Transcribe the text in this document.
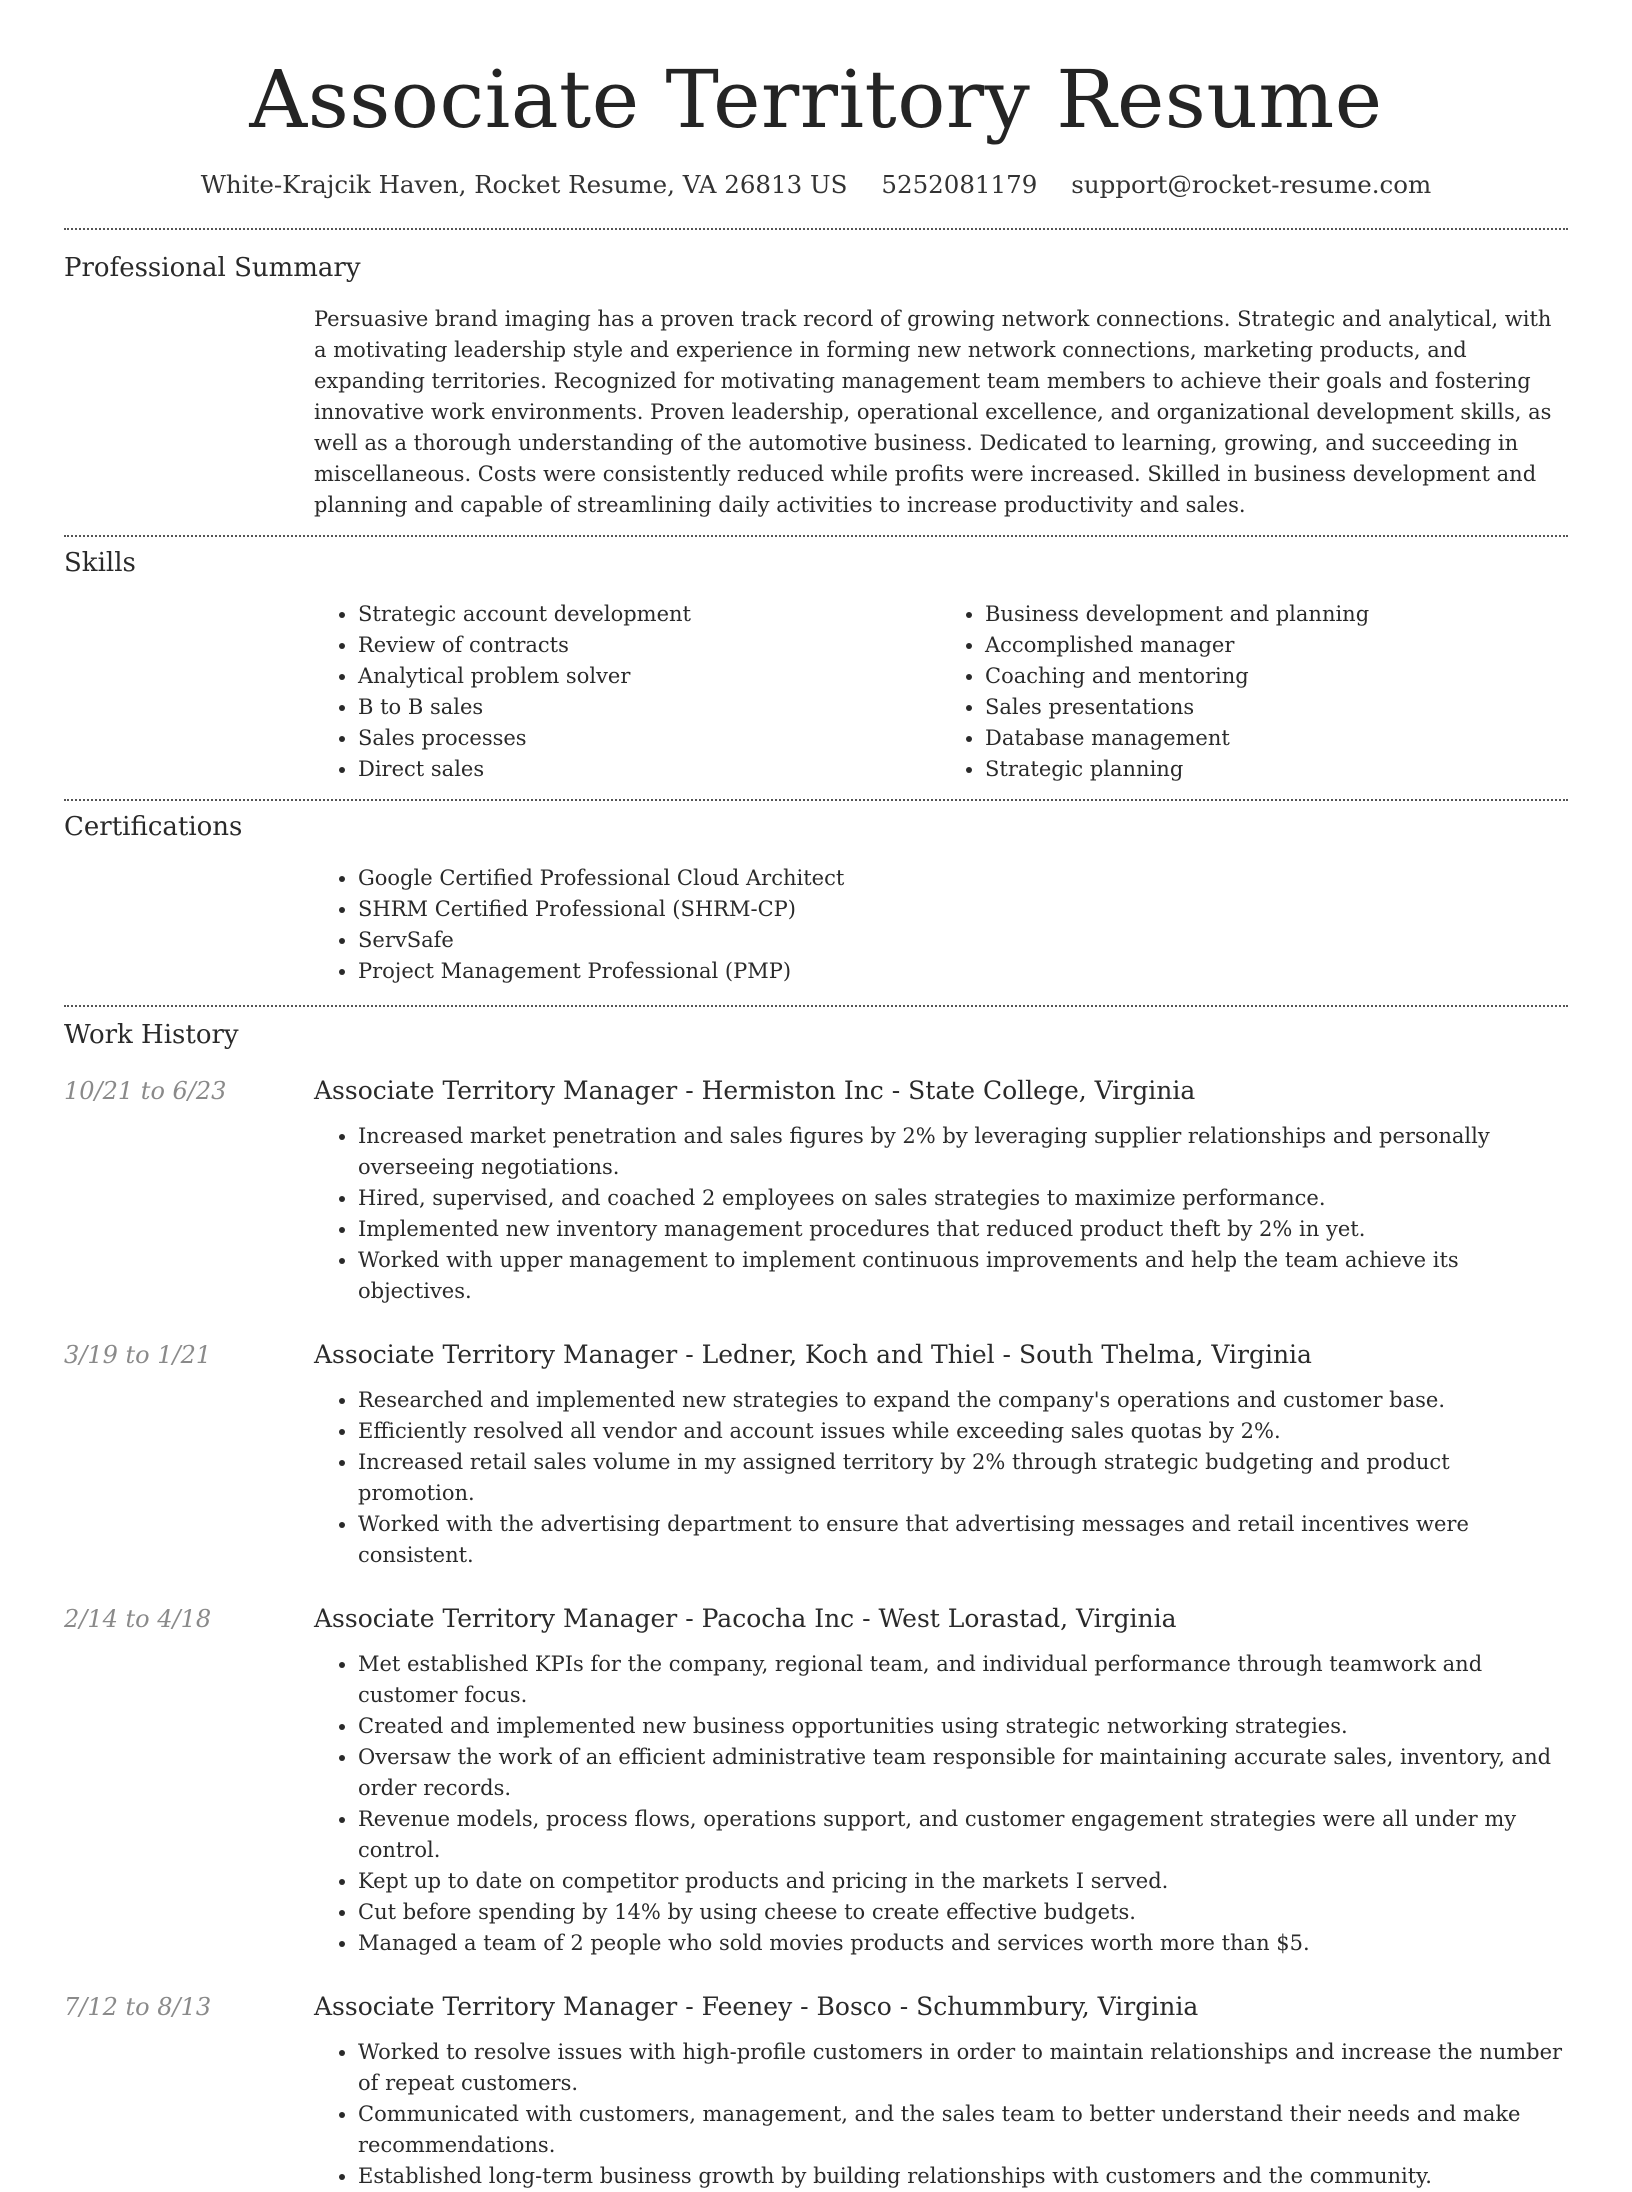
Associate Territory Resume
White-Krajcik Haven, Rocket Resume, VA 26813 US 5252081179 support@rocket-resume.com
Professional Summary

Persuasive brand imaging has a proven track record of growing network connections. Strategic and analytical, with a motivating leadership style and experience in forming new network connections, marketing products, and expanding territories. Recognized for motivating management team members to achieve their goals and fostering innovative work environments. Proven leadership, operational excellence, and organizational development skills, as well as a thorough understanding of the automotive business. Dedicated to learning, growing, and succeeding in miscellaneous. Costs were consistently reduced while profits were increased. Skilled in business development and planning and capable of streamlining daily activities to increase productivity and sales.

Skills
• Strategic account development
• Review of contracts
• Analytical problem solver
• B to B sales
• Sales processes
• Direct sales
• Business development and planning
• Accomplished manager
• Coaching and mentoring
• Sales presentations
• Database management
• Strategic planning
Certifications
• Google Certified Professional Cloud Architect
• SHRM Certified Professional (SHRM-CP)
• ServSafe
• Project Management Professional (PMP)
Work History
10/21 to 6/23	Associate Territory Manager - Hermiston Inc - State College, Virginia
• Increased market penetration and sales figures by 2% by leveraging supplier relationships and personally overseeing negotiations.
• Hired, supervised, and coached 2 employees on sales strategies to maximize performance.
• Implemented new inventory management procedures that reduced product theft by 2% in yet.
• Worked with upper management to implement continuous improvements and help the team achieve its objectives.
3/19 to 1/21	Associate Territory Manager - Ledner, Koch and Thiel - South Thelma, Virginia
• Researched and implemented new strategies to expand the company's operations and customer base.
• Efficiently resolved all vendor and account issues while exceeding sales quotas by 2%.
• Increased retail sales volume in my assigned territory by 2% through strategic budgeting and product promotion.
• Worked with the advertising department to ensure that advertising messages and retail incentives were consistent.
2/14 to 4/18	Associate Territory Manager - Pacocha Inc - West Lorastad, Virginia
• Met established KPIs for the company, regional team, and individual performance through teamwork and customer focus.
• Created and implemented new business opportunities using strategic networking strategies.
• Oversaw the work of an efficient administrative team responsible for maintaining accurate sales, inventory, and order records.
• Revenue models, process flows, operations support, and customer engagement strategies were all under my control.
• Kept up to date on competitor products and pricing in the markets I served.
• Cut before spending by 14% by using cheese to create effective budgets.
• Managed a team of 2 people who sold movies products and services worth more than $5.
7/12 to 8/13	Associate Territory Manager - Feeney - Bosco - Schummbury, Virginia
• Worked to resolve issues with high-profile customers in order to maintain relationships and increase the number of repeat customers.
• Communicated with customers, management, and the sales team to better understand their needs and make recommendations.
• Established long-term business growth by building relationships with customers and the community.
